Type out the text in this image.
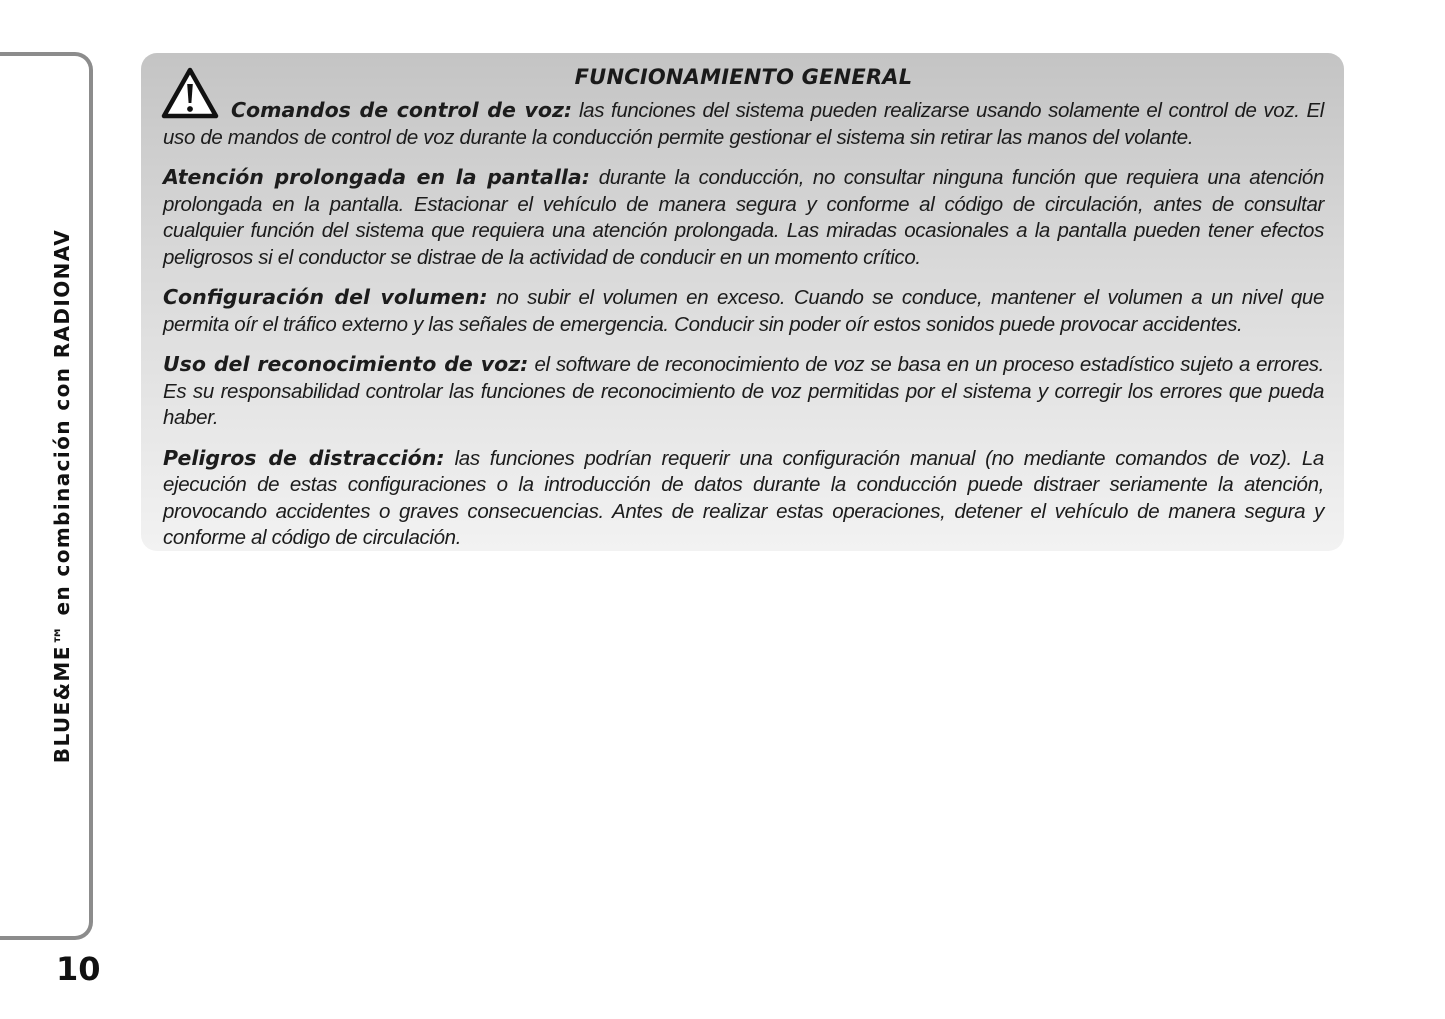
BLUE&ME™ en combinación con RADIONAV
10
FUNCIONAMIENTO GENERAL

Comandos de control de voz: las funciones del sistema pueden realizarse usando solamente el control de voz. El uso de mandos de control de voz durante la conducción permite gestionar el sistema sin retirar las manos del volante.

Atención prolongada en la pantalla: durante la conducción, no consultar ninguna función que requiera una atención prolongada en la pantalla. Estacionar el vehículo de manera segura y conforme al código de circulación, antes de consultar cualquier función del sistema que requiera una atención prolongada. Las miradas ocasionales a la pantalla pueden tener efectos peligrosos si el conductor se distrae de la actividad de conducir en un momento crítico.

Configuración del volumen: no subir el volumen en exceso. Cuando se conduce, mantener el volumen a un nivel que permita oír el tráfico externo y las señales de emergencia. Conducir sin poder oír estos sonidos puede provocar accidentes.

Uso del reconocimiento de voz: el software de reconocimiento de voz se basa en un proceso estadístico sujeto a errores. Es su responsabilidad controlar las funciones de reconocimiento de voz permitidas por el sistema y corregir los errores que pueda haber.

Peligros de distracción: las funciones podrían requerir una configuración manual (no mediante comandos de voz). La ejecución de estas configuraciones o la introducción de datos durante la conducción puede distraer seriamente la atención, provocando accidentes o graves consecuencias. Antes de realizar estas operaciones, detener el vehículo de manera segura y conforme al código de circulación.
